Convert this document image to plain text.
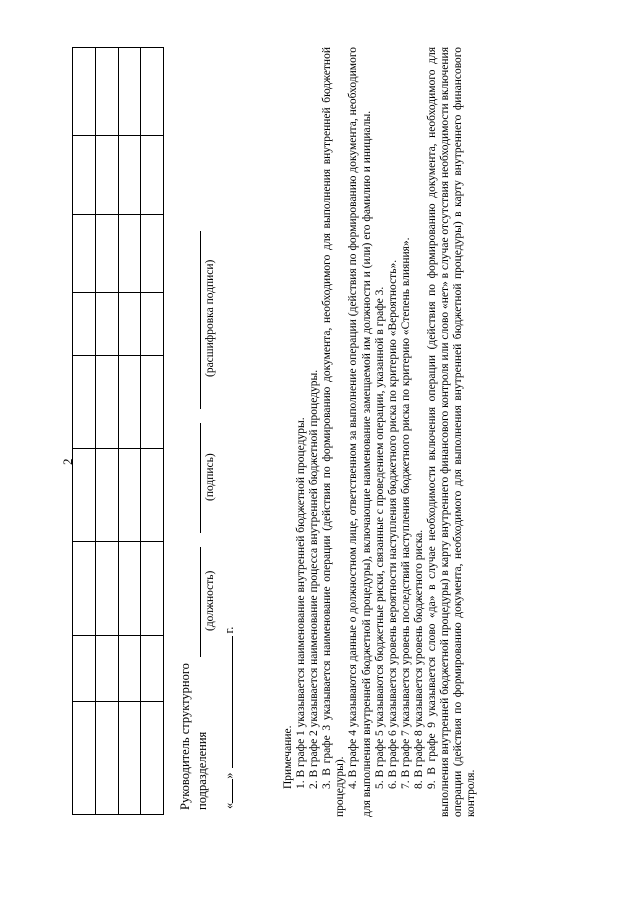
2

Руководитель структурного подразделения
(должность)
(подпись)
(расшифровка подписи)
«»г.

Примечание. 1. В графе 1 указывается наименование внутренней бюджетной процедуры. 2. В графе 2 указывается наименование процесса внутренней бюджетной процедуры. 3. В графе 3 указывается наименование операции (действия по формированию документа, необходимого для выполнения внутренней бюджетной процедуры). 4. В графе 4 указываются данные о должностном лице, ответственном за выполнение операции (действия по формированию документа, необходимого для выполнения внутренней бюджетной процедуры), включающие наименование замещаемой им должности и (или) его фамилию и инициалы. 5. В графе 5 указываются бюджетные риски, связанные с проведением операции, указанной в графе 3. 6. В графе 6 указывается уровень вероятности наступления бюджетного риска по критерию «Вероятность». 7. В графе 7 указывается уровень последствий наступления бюджетного риска по критерию «Степень влияния». 8. В графе 8 указывается уровень бюджетного риска. 9. В графе 9 указывается слово «да» в случае необходимости включения операции (действия по формированию документа, необходимого для выполнения внутренней бюджетной процедуры) в карту внутреннего финансового контроля или слово «нет» в случае отсутствия необходимости включения операции (действия по формированию документа, необходимого для выполнения внутренней бюджетной процедуры) в карту внутреннего финансового контроля.
